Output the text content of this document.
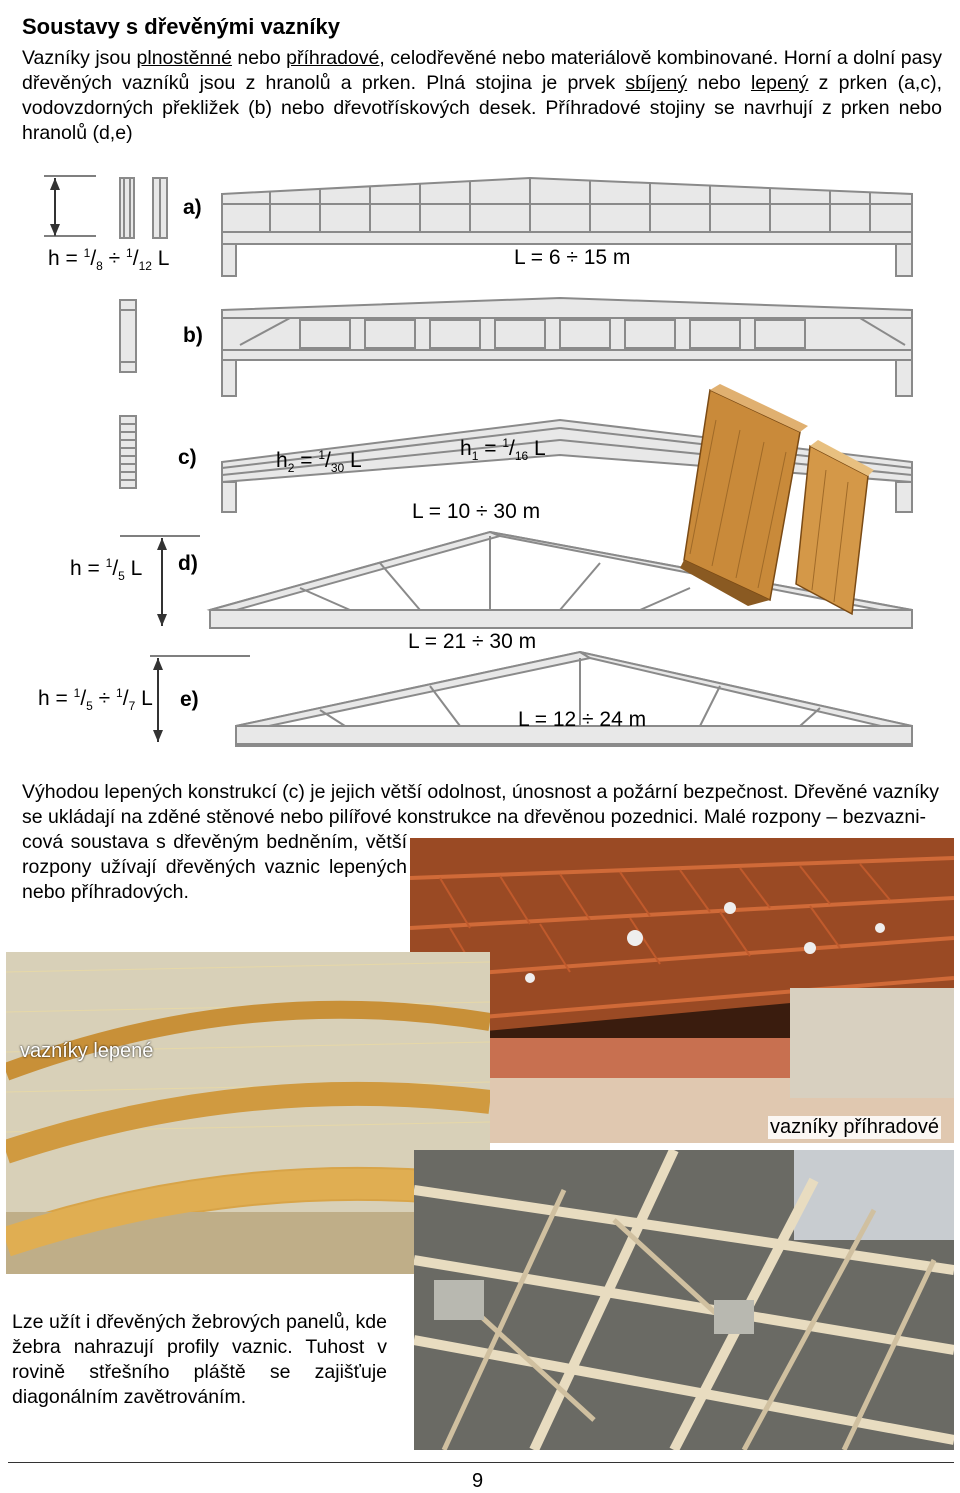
Soustavy s dřevěnými vazníky
Vazníky jsou plnostěnné nebo příhradové, celodřevěné nebo materiálově kombinované. Horní a dolní pasy dřevěných vazníků jsou z hranolů a prken. Plná stojina je prvek sbíjený nebo lepený z prken (a,c), vodovzdorných překližek (b) nebo dřevotřískových desek. Příhradové stojiny se navrhují z prken nebo hranolů (d,e)
a)
$h = ^1/_8 \div ^1/_{12}$ L	L = 6 ÷ 15 m
b)
c)	$h_2 = ^1/_{30}$ L
$h_1 = ^1/_{16}$ L
L = 10 ÷ 30 m
d)
$h = ^1/_5$ L
L = 21 ÷ 30 m
e)
$h = ^1/_5 \div ^1/_7$ L
L = 12 ÷ 24 m
Výhodou lepených konstrukcí (c) je jejich větší odolnost, únosnost a požární bezpečnost. Dřevěné vazníky se ukládají na zděné stěnové nebo pilířové konstrukce na dřevěnou pozednici. Malé rozpony – bezvazni-
cová soustava s dřevěným bedněním, větší rozpony užívají dřevěných vaznic lepených nebo příhradových.
vazníky příhradové
vazníky lepené
Lze užít i dřevěných žebrových panelů, kde žebra nahrazují profily vaznic. Tuhost v rovině střešního pláště se zajišťuje diagonálním zavětrováním.
9
